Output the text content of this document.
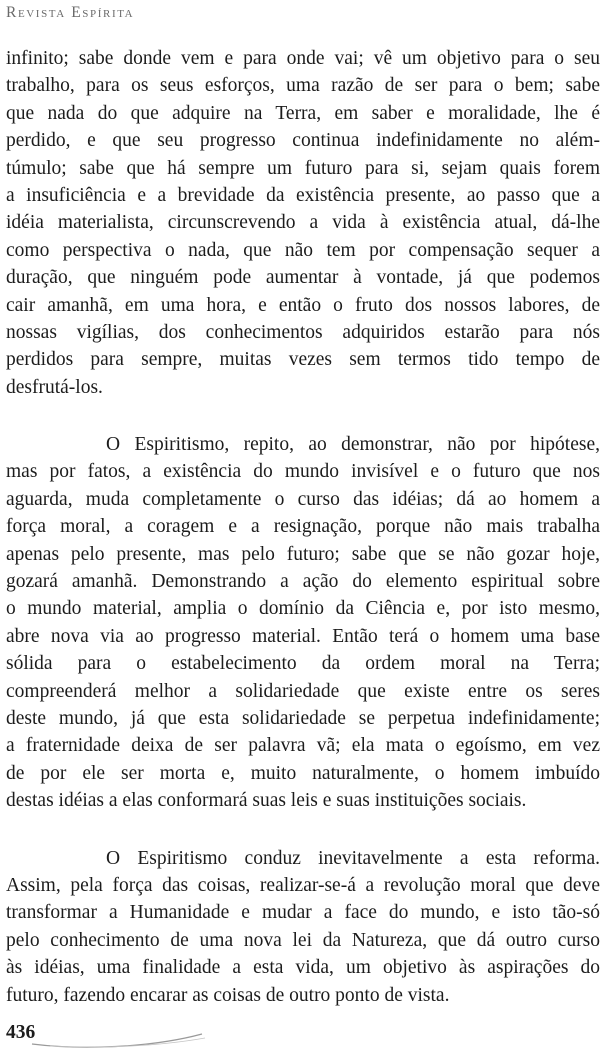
Revista Espírita
infinito; sabe donde vem e para onde vai; vê um objetivo para o seu
trabalho, para os seus esforços, uma razão de ser para o bem; sabe
que nada do que adquire na Terra, em saber e moralidade, lhe é
perdido, e que seu progresso continua indefinidamente no além-
túmulo; sabe que há sempre um futuro para si, sejam quais forem
a insuficiência e a brevidade da existência presente, ao passo que a
idéia materialista, circunscrevendo a vida à existência atual, dá-lhe
como perspectiva o nada, que não tem por compensação sequer a
duração, que ninguém pode aumentar à vontade, já que podemos
cair amanhã, em uma hora, e então o fruto dos nossos labores, de
nossas vigílias, dos conhecimentos adquiridos estarão para nós
perdidos para sempre, muitas vezes sem termos tido tempo de
desfrutá-los.
O Espiritismo, repito, ao demonstrar, não por hipótese,
mas por fatos, a existência do mundo invisível e o futuro que nos
aguarda, muda completamente o curso das idéias; dá ao homem a
força moral, a coragem e a resignação, porque não mais trabalha
apenas pelo presente, mas pelo futuro; sabe que se não gozar hoje,
gozará amanhã. Demonstrando a ação do elemento espiritual sobre
o mundo material, amplia o domínio da Ciência e, por isto mesmo,
abre nova via ao progresso material. Então terá o homem uma base
sólida para o estabelecimento da ordem moral na Terra;
compreenderá melhor a solidariedade que existe entre os seres
deste mundo, já que esta solidariedade se perpetua indefinidamente;
a fraternidade deixa de ser palavra vã; ela mata o egoísmo, em vez
de por ele ser morta e, muito naturalmente, o homem imbuído
destas idéias a elas conformará suas leis e suas instituições sociais.
O Espiritismo conduz inevitavelmente a esta reforma.
Assim, pela força das coisas, realizar-se-á a revolução moral que deve
transformar a Humanidade e mudar a face do mundo, e isto tão-só
pelo conhecimento de uma nova lei da Natureza, que dá outro curso
às idéias, uma finalidade a esta vida, um objetivo às aspirações do
futuro, fazendo encarar as coisas de outro ponto de vista.
436
